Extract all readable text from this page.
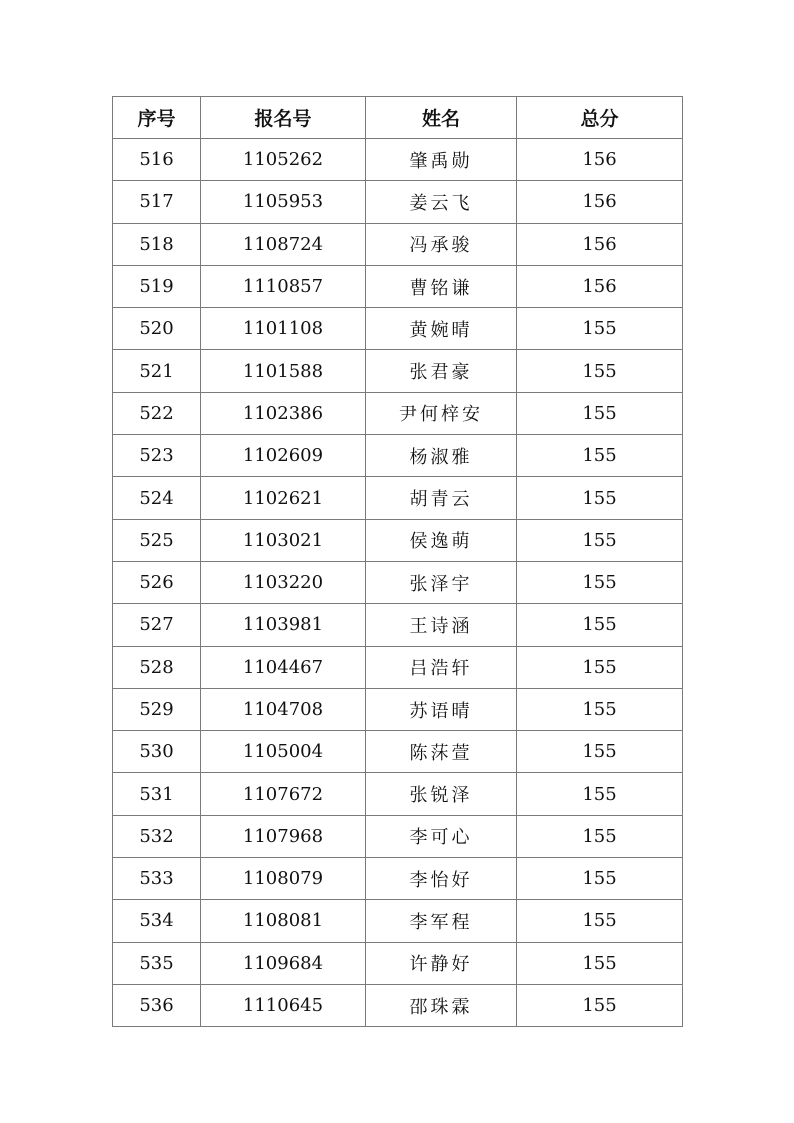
序号	报名号	姓名	总分
516	1105262	肇禹勋	156
517	1105953	姜云飞	156
518	1108724	冯承骏	156
519	1110857	曹铭谦	156
520	1101108	黄婉晴	155
521	1101588	张君豪	155
522	1102386	尹何梓安	155
523	1102609	杨淑雅	155
524	1102621	胡青云	155
525	1103021	侯逸萌	155
526	1103220	张泽宇	155
527	1103981	王诗涵	155
528	1104467	吕浩轩	155
529	1104708	苏语晴	155
530	1105004	陈莯萱	155
531	1107672	张锐泽	155
532	1107968	李可心	155
533	1108079	李怡好	155
534	1108081	李军程	155
535	1109684	许静好	155
536	1110645	邵珠霖	155
